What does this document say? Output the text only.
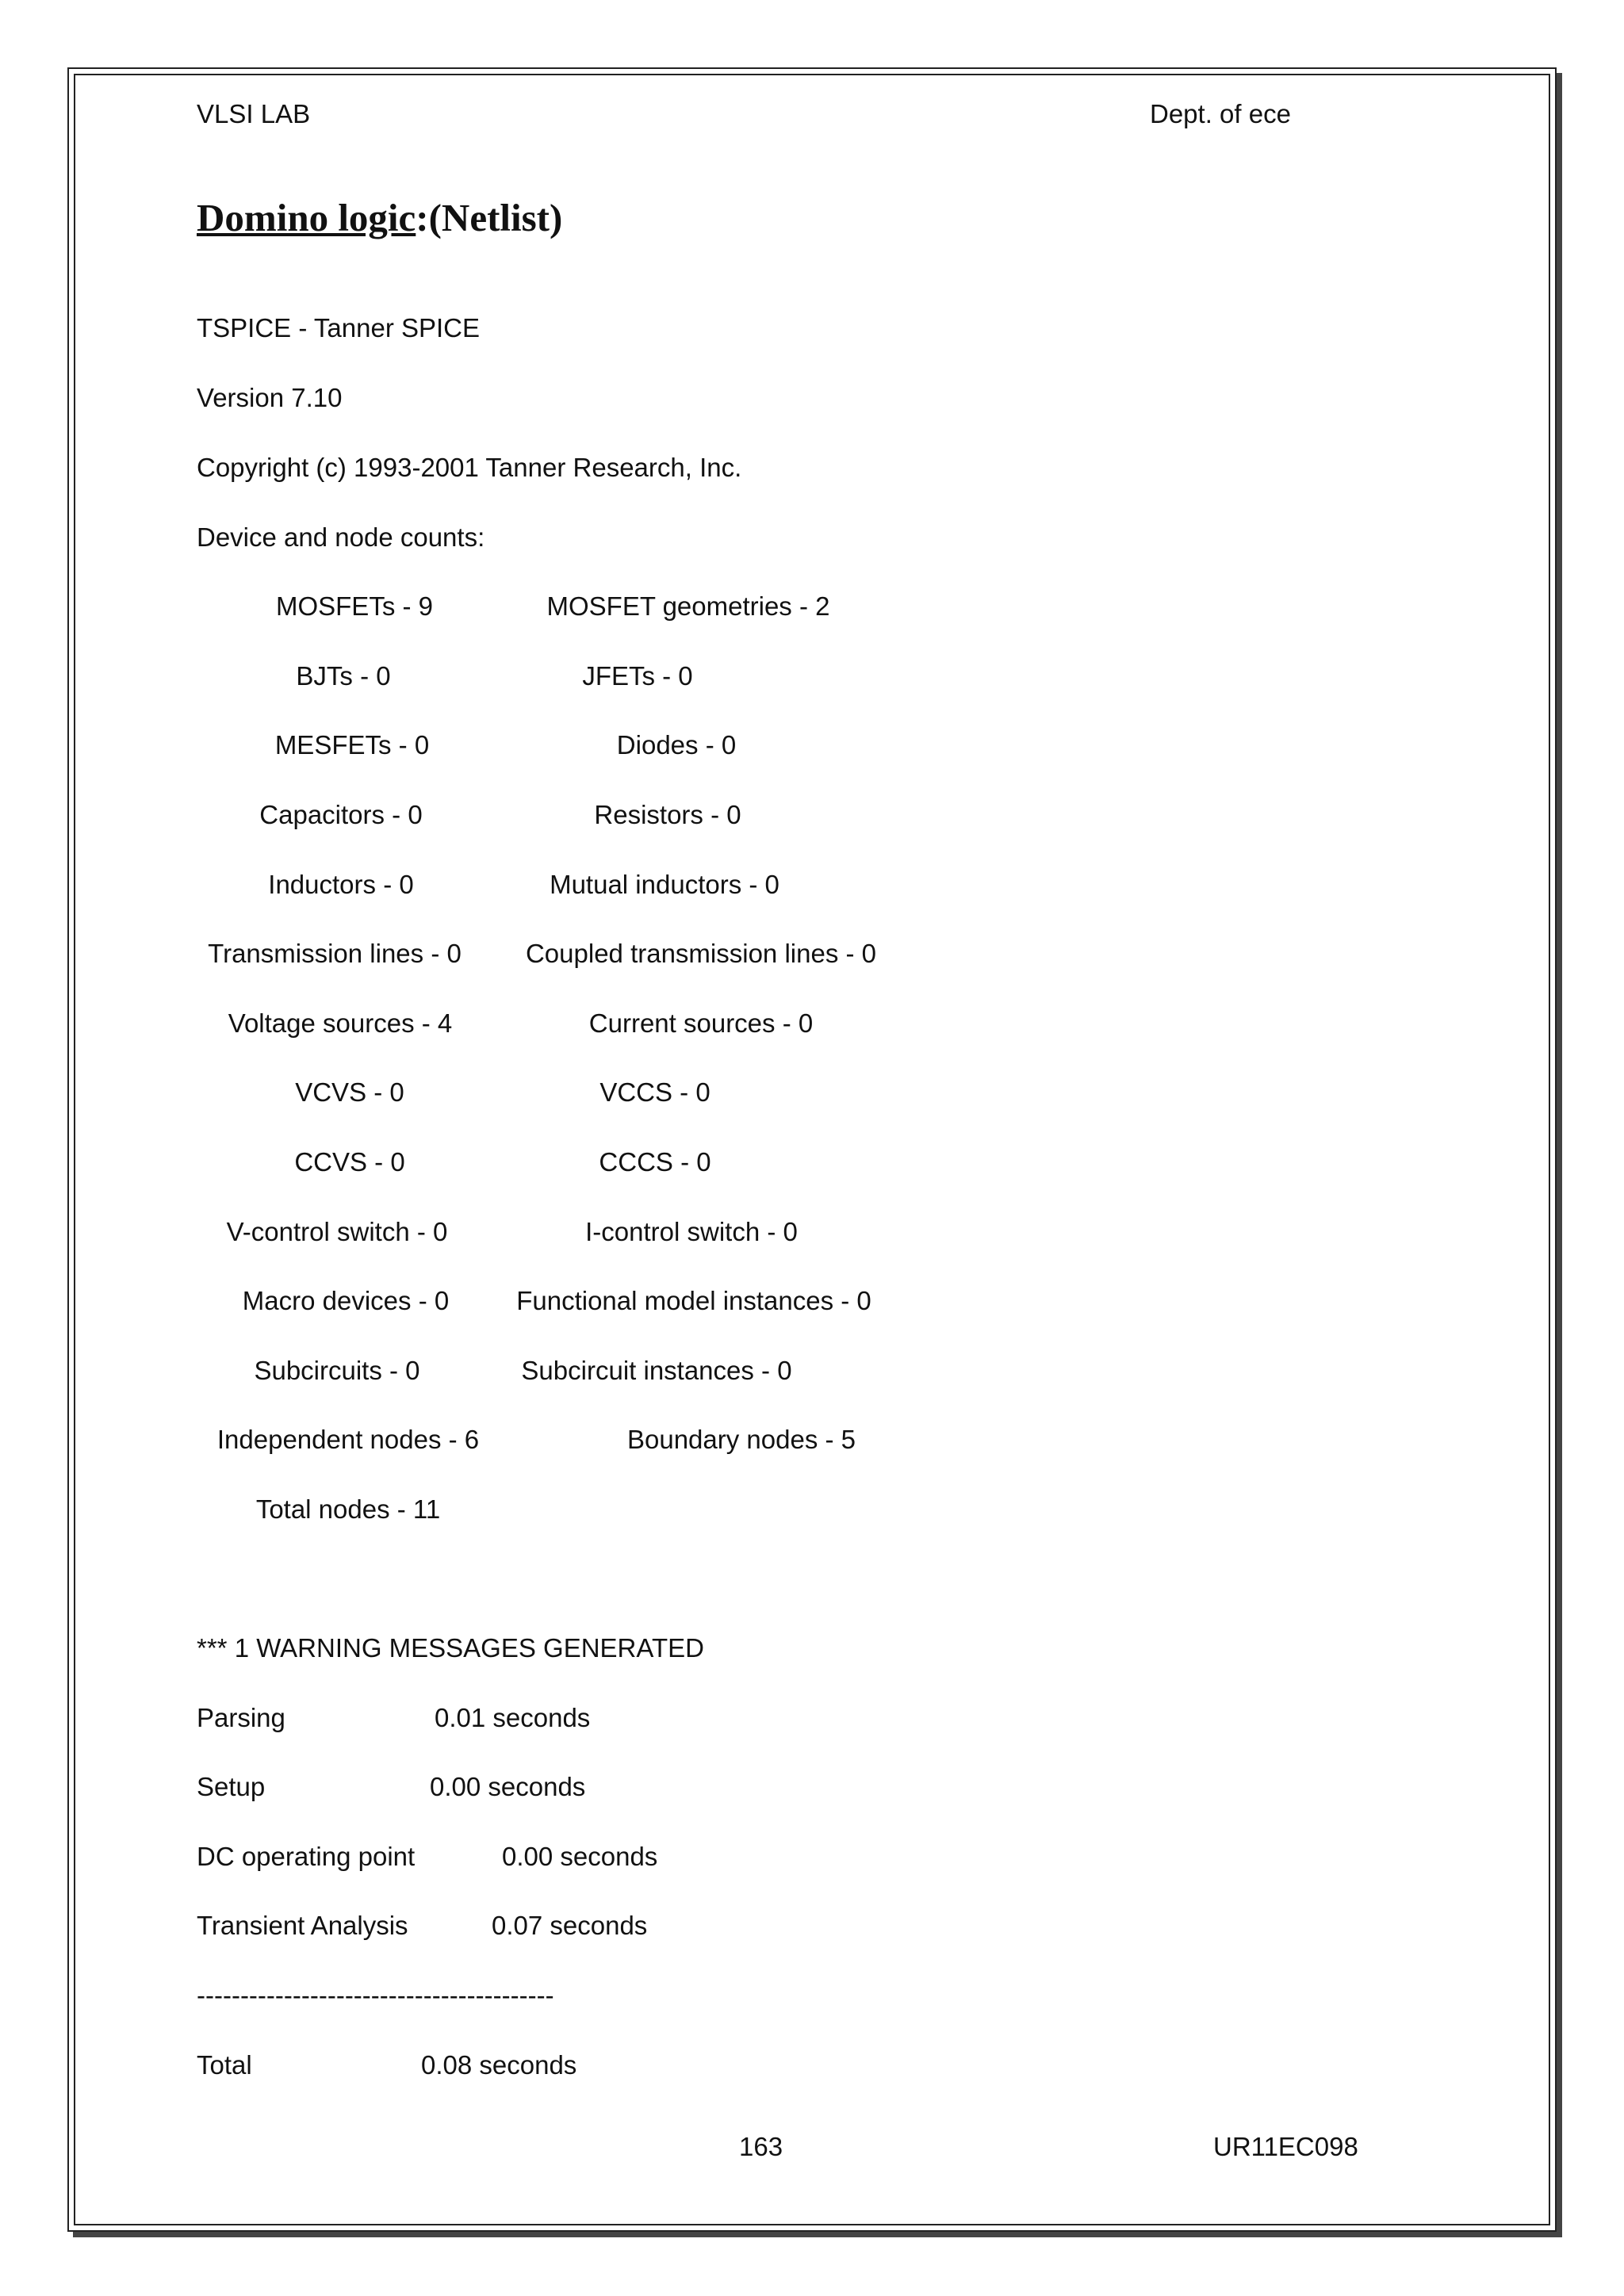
VLSI LAB	Dept. of ece
Domino logic:(Netlist)
TSPICE - Tanner SPICE
Version 7.10
Copyright (c) 1993-2001 Tanner Research, Inc.
Device and node counts:
MOSFETs - 9	MOSFET geometries - 2
BJTs - 0	JFETs - 0
MESFETs - 0	Diodes - 0
Capacitors - 0	Resistors - 0
Inductors - 0	Mutual inductors - 0
Transmission lines - 0	Coupled transmission lines - 0
Voltage sources - 4	Current sources - 0
VCVS - 0	VCCS - 0
CCVS - 0	CCCS - 0
V-control switch - 0	I-control switch - 0
Macro devices - 0	Functional model instances - 0
Subcircuits - 0	Subcircuit instances - 0
Independent nodes - 6	Boundary nodes - 5
Total nodes - 11
*** 1 WARNING MESSAGES GENERATED
Parsing	0.01 seconds
Setup	0.00 seconds
DC operating point	0.00 seconds
Transient Analysis	0.07 seconds
-----------------------------------------
Total	0.08 seconds
163	UR11EC098
